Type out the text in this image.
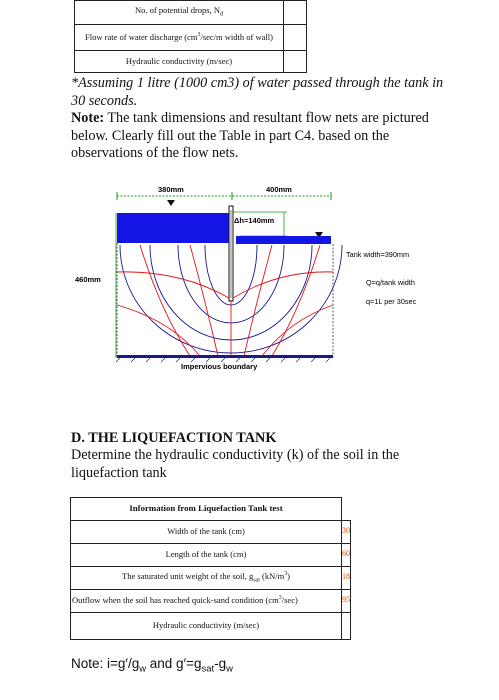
No. of potential drops, $N_d$	
Flow rate of water discharge ($cm^3/\sec/m$ width of wall)	
Hydraulic conductivity (m/sec)	

*Assuming 1 litre (1000 cm3) of water passed through the tank in 30 seconds.

Note: The tank dimensions and resultant flow nets are pictured below. Clearly fill out the Table in part C4. based on the observations of the flow nets.

380mm	400mm
Δh=140mm
460mm
Impervious boundary
Tank width=390mm
Q=q/tank width
q=1L per 30sec
D. THE LIQUEFACTION TANK

Determine the hydraulic conductivity (k) of the soil in the liquefaction tank

Information from Liquefaction Tank test	
Width of the tank (cm)	30
Length of the tank (cm)	60
The saturated unit weight of the soil, $g_{sat}$ $(kN/m^3)$	18
Outflow when the soil has reached quick-sand condition $(cm^3/\sec)$	95
Hydraulic conductivity (m/sec)	

Note: $i=g'/g_w$ and $g'=g_{sat}-g_w$
